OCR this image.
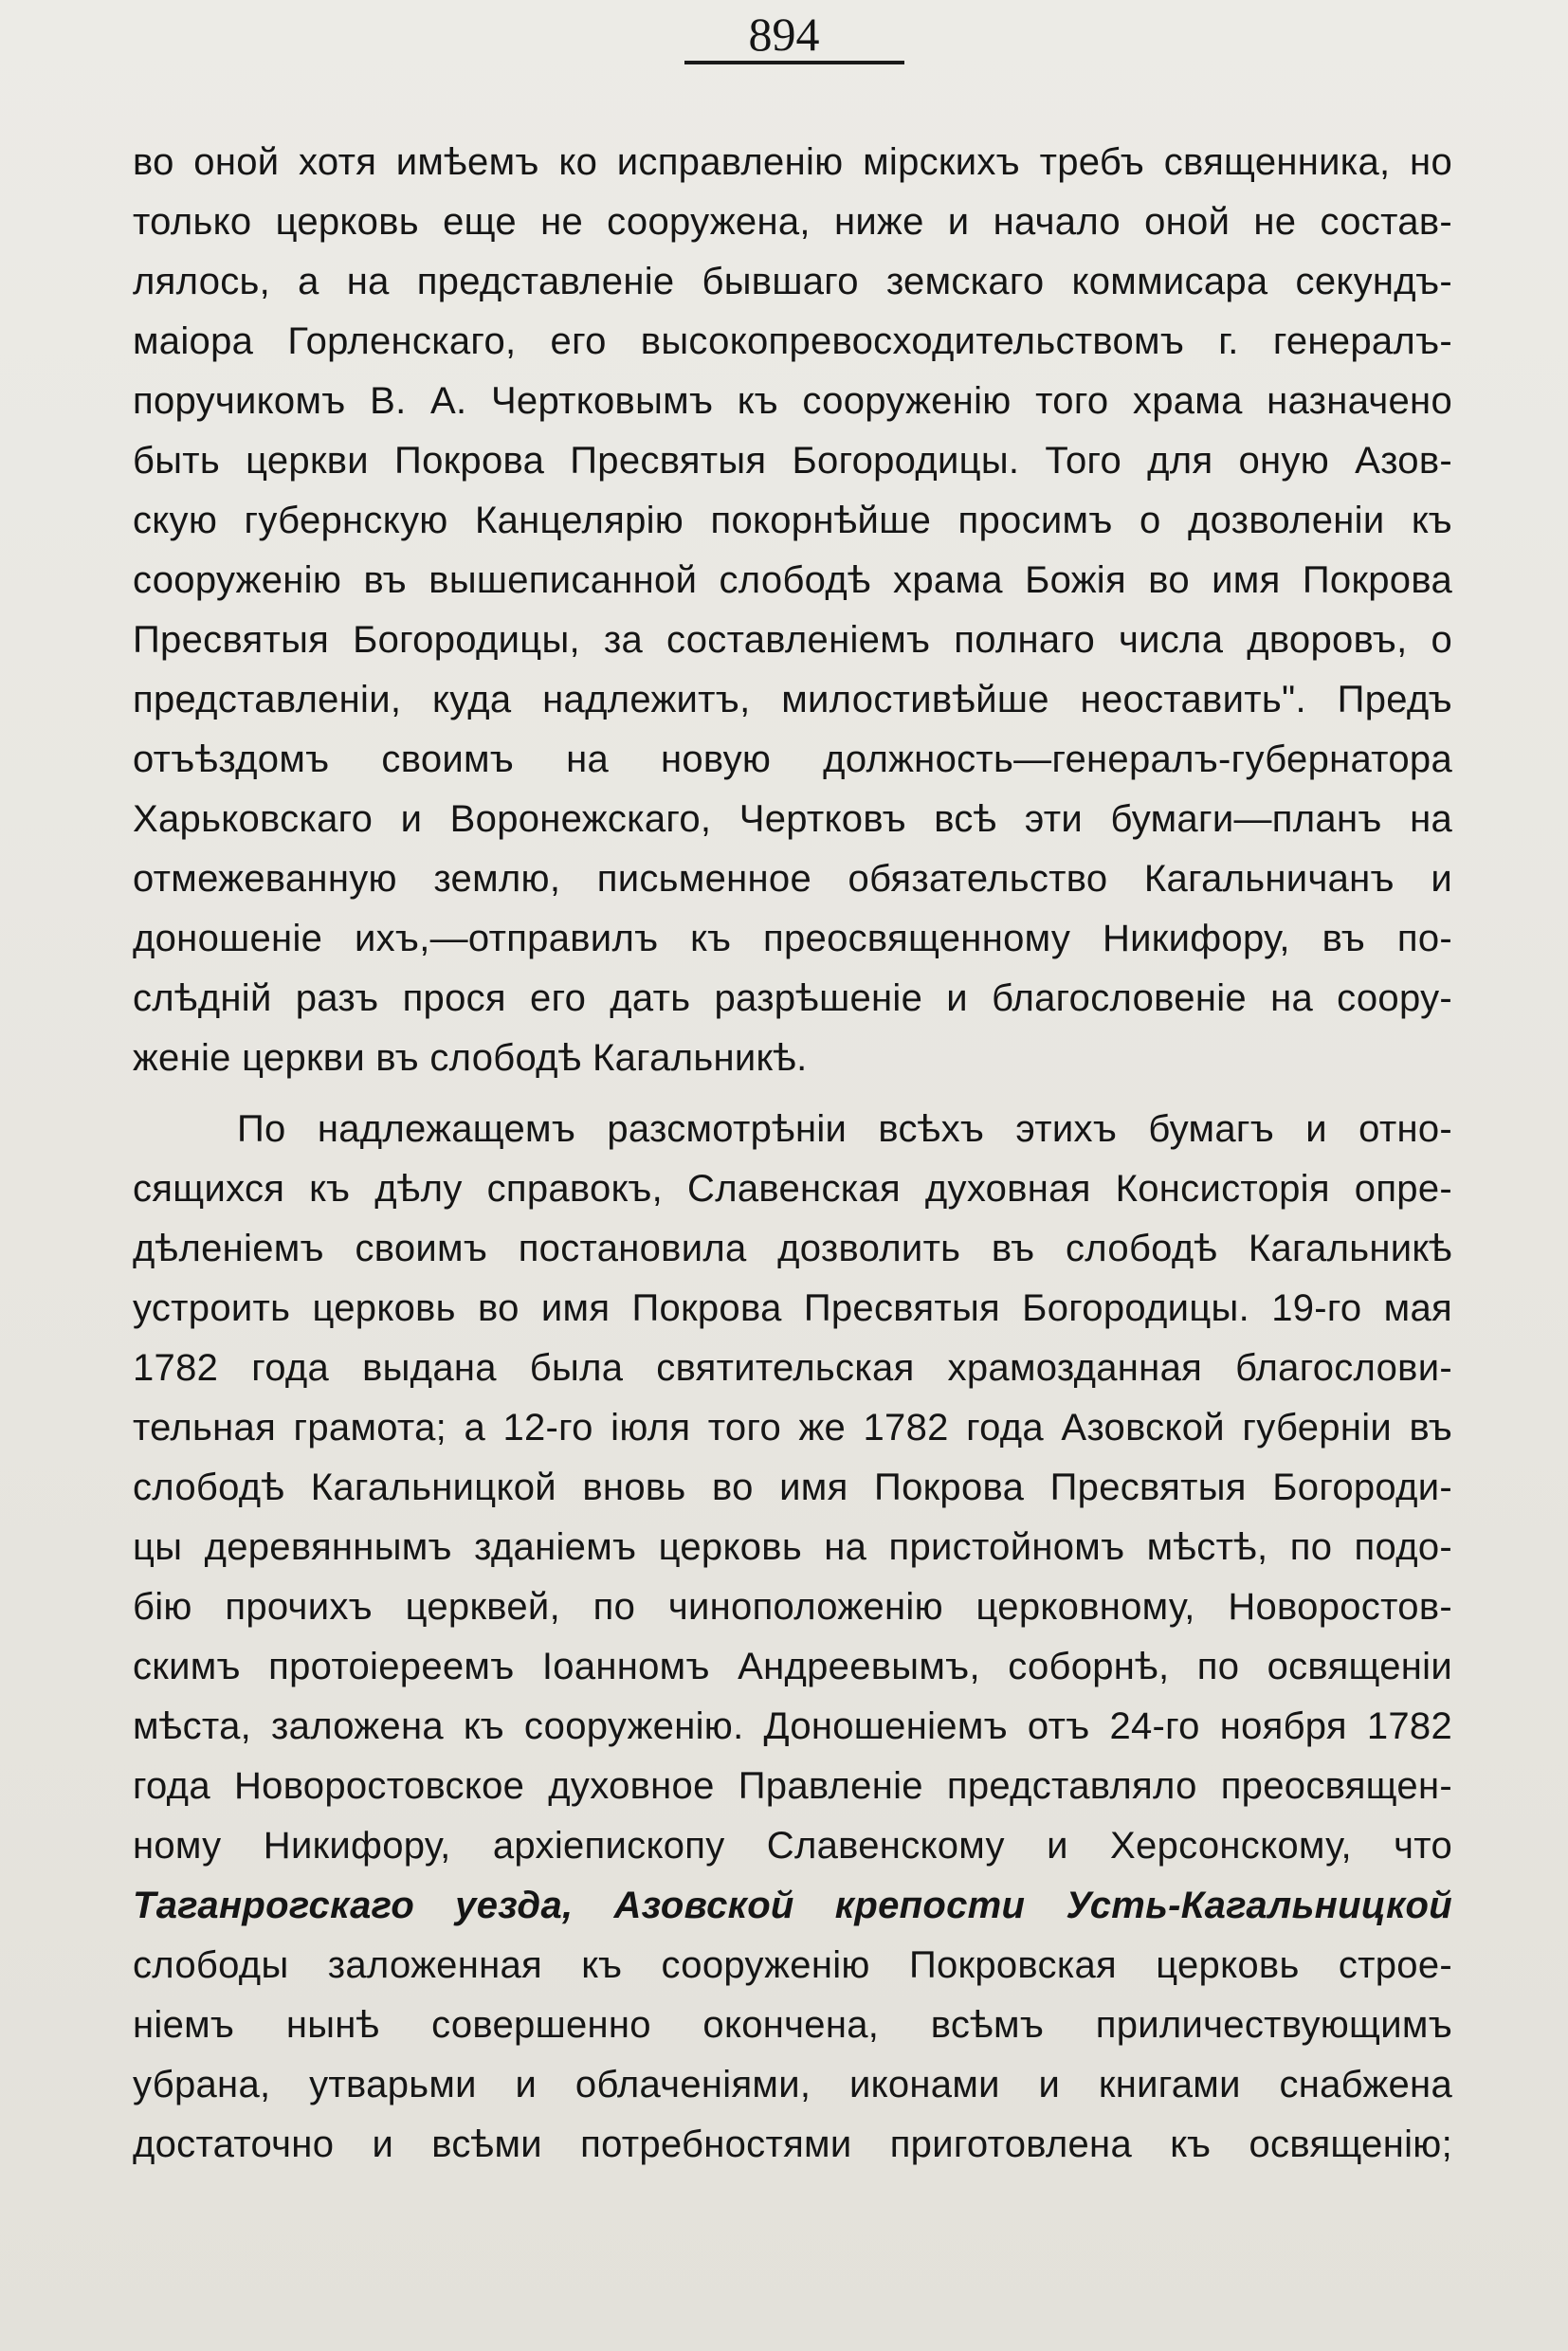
894
во оной хотя имѣемъ ко исправленію мірскихъ требъ священника, но
только церковь еще не сооружена, ниже и начало оной не состав-
лялось, а на представленіе бывшаго земскаго коммисара секундъ-
маіора Горленскаго, его высокопревосходительствомъ г. генералъ-
поручикомъ В. А. Чертковымъ къ сооруженію того храма назначено
быть церкви Покрова Пресвятыя Богородицы. Того для оную Азов-
скую губернскую Канцелярію покорнѣйше просимъ о дозволеніи къ
сооруженію въ вышеписанной слободѣ храма Божія во имя Покрова
Пресвятыя Богородицы, за составленіемъ полнаго числа дворовъ, о
представленіи, куда надлежитъ, милостивѣйше неоставить". Предъ
отъѣздомъ своимъ на новую должность—генералъ-губернатора
Харьковскаго и Воронежскаго, Чертковъ всѣ эти бумаги—планъ на
отмежеванную землю, письменное обязательство Кагальничанъ и
доношеніе ихъ,—отправилъ къ преосвященному Никифору, въ по-
слѣдній разъ прося его дать разрѣшеніе и благословеніе на соору-
женіе церкви въ слободѣ Кагальникѣ.
По надлежащемъ разсмотрѣніи всѣхъ этихъ бумагъ и отно-
сящихся къ дѣлу справокъ, Славенская духовная Консисторія опре-
дѣленіемъ своимъ постановила дозволить въ слободѣ Кагальникѣ
устроить церковь во имя Покрова Пресвятыя Богородицы. 19-го мая
1782 года выдана была святительская храмозданная благослови-
тельная грамота; а 12-го іюля того же 1782 года Азовской губерніи въ
слободѣ Кагальницкой вновь во имя Покрова Пресвятыя Богороди-
цы деревяннымъ зданіемъ церковь на пристойномъ мѣстѣ, по подо-
бію прочихъ церквей, по чиноположенію церковному, Новоростов-
скимъ протоіереемъ Іоанномъ Андреевымъ, соборнѣ, по освященіи
мѣста, заложена къ сооруженію. Доношеніемъ отъ 24-го ноября 1782
года Новоростовское духовное Правленіе представляло преосвящен-
ному Никифору, архіепископу Славенскому и Херсонскому, что
Таганрогскаго уезда, Азовской крепости Усть-Кагальницкой
слободы заложенная къ сооруженію Покровская церковь строе-
ніемъ нынѣ совершенно окончена, всѣмъ приличествующимъ
убрана, утварьми и облаченіями, иконами и книгами снабжена
достаточно и всѣми потребностями приготовлена къ освященію;
